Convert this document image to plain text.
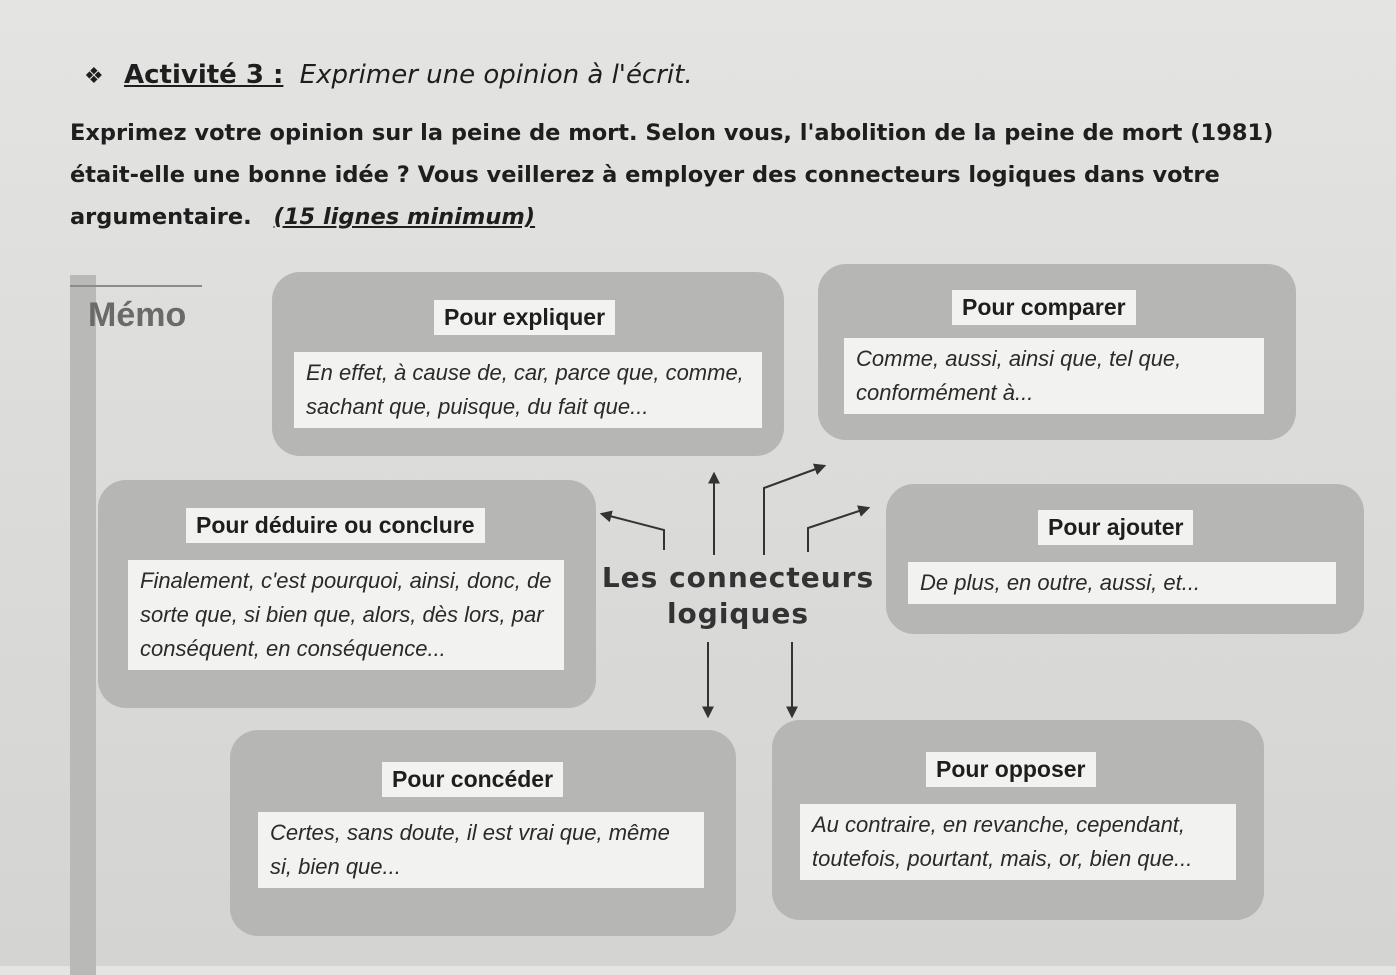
❖ Activité 3 : Exprimer une opinion à l'écrit.
Exprimez votre opinion sur la peine de mort. Selon vous, l'abolition de la peine de mort (1981) était-elle une bonne idée ? Vous veillerez à employer des connecteurs logiques dans votre argumentaire. (15 lignes minimum)
Mémo	Pour expliquer
En effet, à cause de, car, parce que, comme, sachant que, puisque, du fait que...
Pour comparer
Comme, aussi, ainsi que, tel que, conformément à...
Pour déduire ou conclure
Finalement, c'est pourquoi, ainsi, donc, de sorte que, si bien que, alors, dès lors, par conséquent, en conséquence...
Pour ajouter
De plus, en outre, aussi, et...
Pour concéder
Certes, sans doute, il est vrai que, même si, bien que...
Pour opposer
Au contraire, en revanche, cependant, toutefois, pourtant, mais, or, bien que...
Les connecteurs
logiques
